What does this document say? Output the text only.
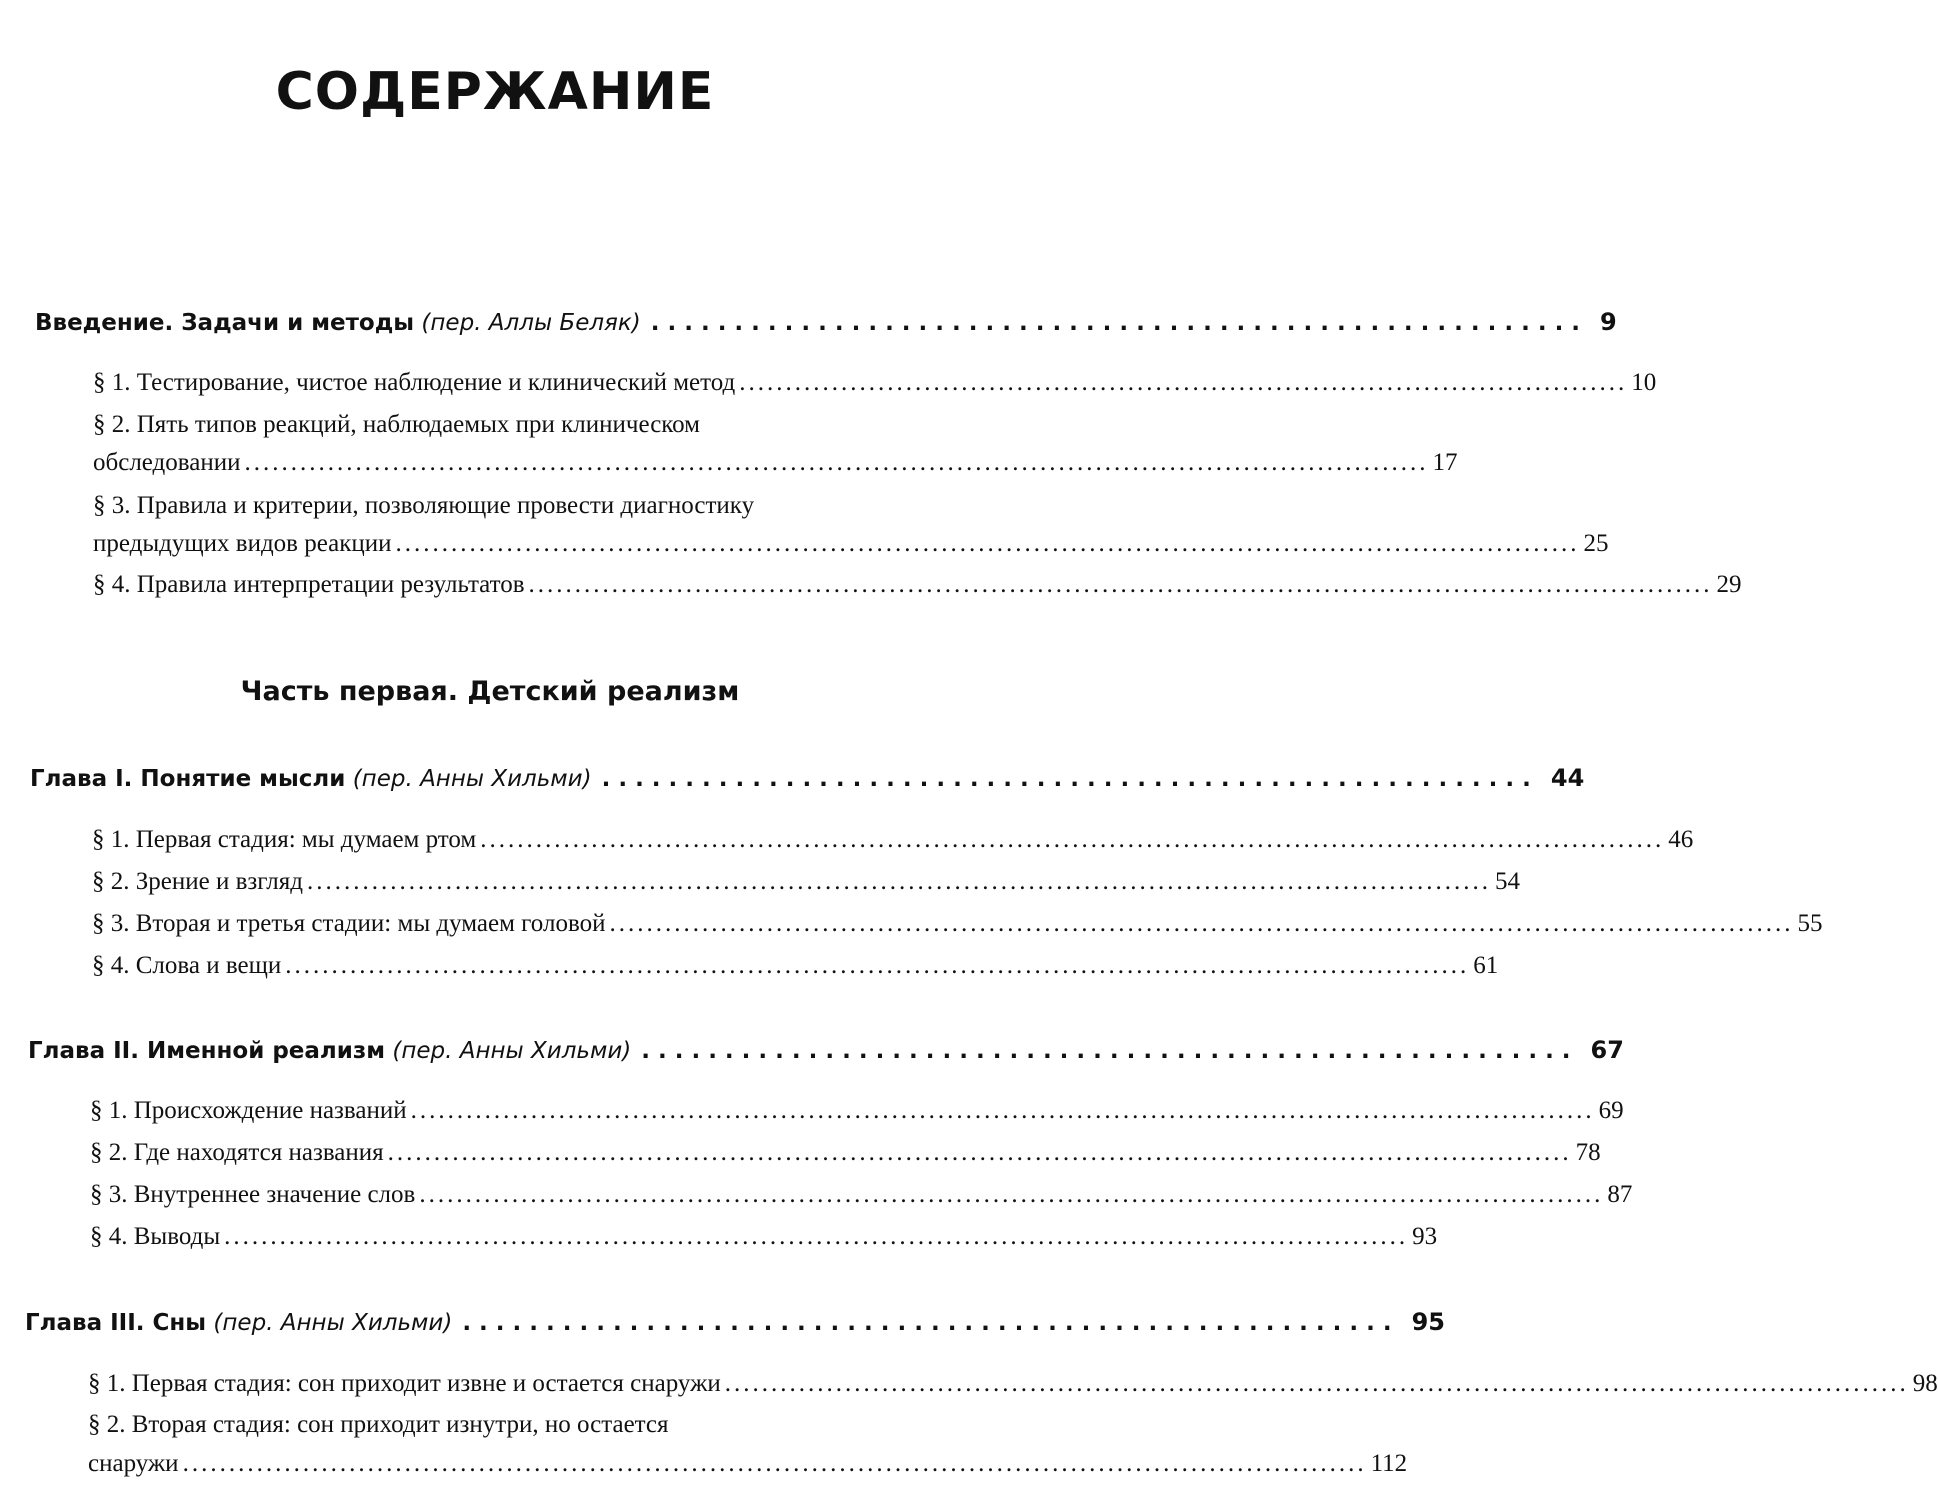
СОДЕРЖАНИЕ
Введение. Задачи и методы
(пер. Аллы Беляк) ........................................................ 9
§ 1. Тестирование, чистое наблюдение и клинический метод ................................................................................................ 10
§ 2. Пять типов реакций, наблюдаемых при клиническом
обследовании ................................................................................................................................ 17
§ 3. Правила и критерии, позволяющие провести диагностику
предыдущих видов реакции ................................................................................................................................ 25
§ 4. Правила интерпретации результатов ................................................................................................................................ 29
Часть первая. Детский реализм
Глава I. Понятие мысли
(пер. Анны Хильми) ........................................................ 44
§ 1. Первая стадия: мы думаем ртом ................................................................................................................................ 46
§ 2. Зрение и взгляд ................................................................................................................................ 54
§ 3. Вторая и третья стадии: мы думаем головой ................................................................................................................................ 55
§ 4. Слова и вещи ................................................................................................................................ 61
Глава II. Именной реализм
(пер. Анны Хильми) ........................................................ 67
§ 1. Происхождение названий ................................................................................................................................ 69
§ 2. Где находятся названия ................................................................................................................................ 78
§ 3. Внутреннее значение слов ................................................................................................................................ 87
§ 4. Выводы ................................................................................................................................ 93
Глава III. Сны
(пер. Анны Хильми) ........................................................ 95
§ 1. Первая стадия: сон приходит извне и остается снаружи ................................................................................................................................ 98
§ 2. Вторая стадия: сон приходит изнутри, но остается
снаружи ................................................................................................................................ 112
